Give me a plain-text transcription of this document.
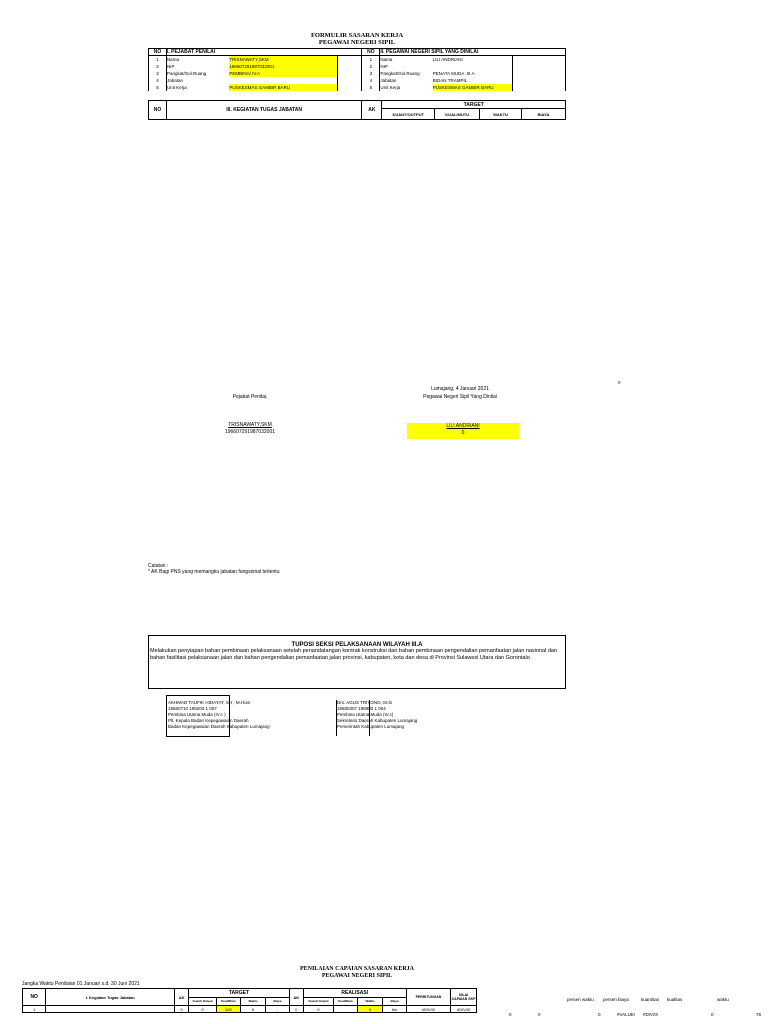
FORMULIR SASARAN KERJA
PEGAWAI NEGERI SIPIL
NO	I. PEJABAT PENILAI			NO	II. PEGAWAI NEGERI SIPIL YANG DINILAI		
1	Nama	TRISNAWATY,SKM		1	Nama	LILI ANDRIANI	
2	NIP	196607291987032001		2	NIP		
3	Pangkat/Gol.Ruang	PEMBINA/ IV.A		3	Pangkat/Gol.Ruang	PENATA MUDA ,III.A	
4	Jabatan			4	Jabatan	BIDAN TRAMPIL	
5	Unit Kerja	PUSKESMAS GAMBIR BARU		5	Unit Kerja	PUSKESMAS GAMBIR BARU	
NO	III. KEGIATAN TUGAS JABATAN	AK	TARGET			
			KUANT/OUTPUT	KUAL/MUTU	WAKTU	BIAYA
0
Lumajang, 4 Januari 2021
Pejabat Penilai,	Pegawai Negeri Sipil Yang Dinilai
TRISNAWATY,SKM
196607291987032001
LILI ANDRIANI
0
Catatan :
* AK Bagi PNS yang memangku jabatan fungsional tertentu
TUPOSI SEKSI PELAKSANAAN WILAYAH III.A
Melakukan penyiapan bahan pembinaan pelaksanaan setelah penandatangan kontrak konstruksi dan bahan pembinaan pengendalian pemanfaatan jalan nasional dan bahan fasilitasi pelaksanaan jalan dan bahan pengendalian pemanfaatan jalan provinsi, kabupaten, kota dan desa di Provinsi Sulawesi Utara dan Gorontalo
AKHMAD TAUFIK HIDAYAT, SH , M.Hum
19660710 199203 1 007
Pembina Utama Muda (IV.c )
Plt. Kepala Badan Kepegawaian Daerah
Badan Kepegawaian Daerah Kabupaten Lumajang
Drs. AGUS TRIYONO, M.Si
19680307 198903 1 004
Pembina Utama Muda (IV.c)
Sekretaris Daerah Kabupaten Lumajang
Pemerintah Kabupaten Lumajang
PENILAIAN CAPAIAN SASARAN KERJA
PEGAWAI NEGERI SIPIL
Jangka Waktu Penilaian 01 Januari s.d. 30 Juni 2021
NO	I. Kegiatan Tugas Jabatan	AK	TARGET				AK	REALISASI				PERHITUNGAN	NILAI CAPAIAN SKP
			Kuant/ Output	Kual/Mutu	Waktu	Biaya		Kuant/ Output	Kual/Mutu	Waktu	Biaya		
1		0	0	100	6	-	0	0		0	bln	#DIV/0!	#DIV/0!
persen waktu persen biaya	kuantitas kualitas	waktu
0	0	0	#VALUE! #DIV/0!	0	76
